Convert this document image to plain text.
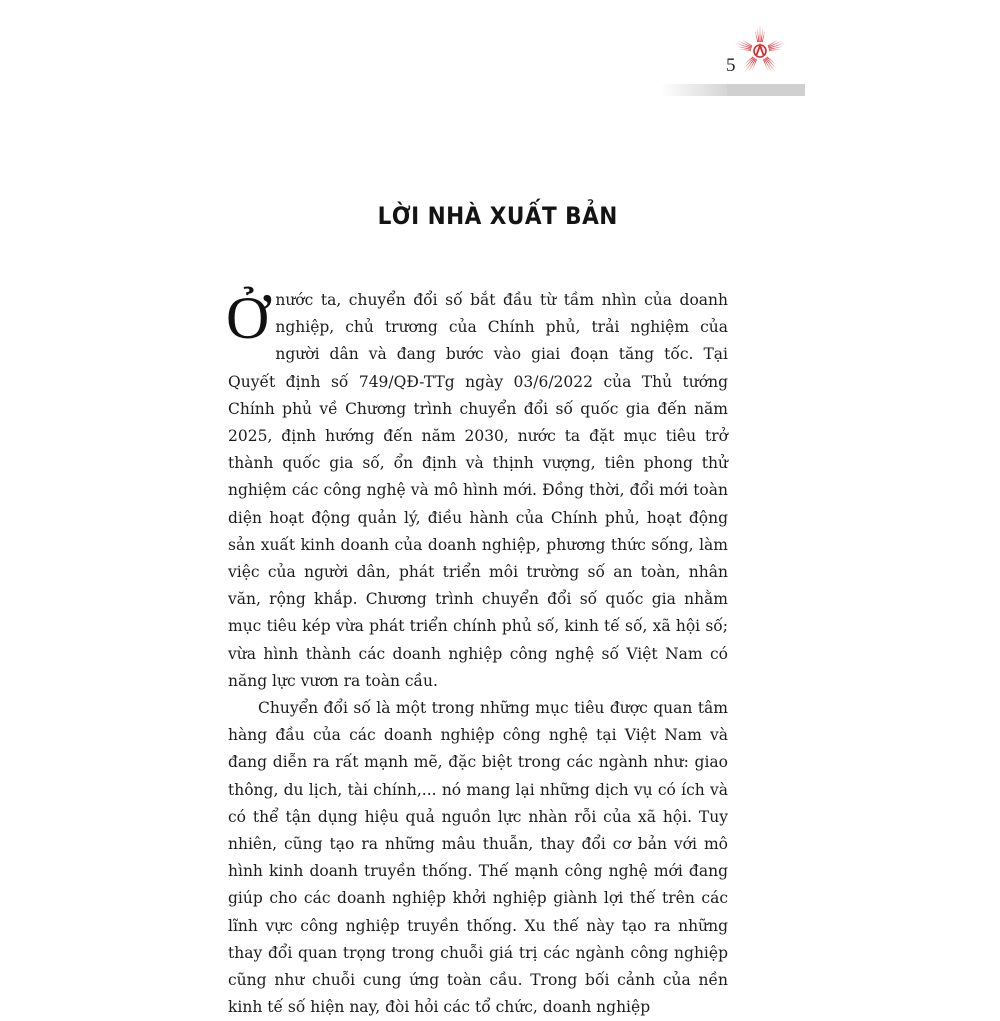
5
LỜI NHÀ XUẤT BẢN

Ởnước ta, chuyển đổi số bắt đầu từ tầm nhìn của doanh nghiệp, chủ trương của Chính phủ, trải nghiệm của người dân và đang bước vào giai đoạn tăng tốc. Tại Quyết định số 749/QĐ-TTg ngày 03/6/2022 của Thủ tướng Chính phủ về Chương trình chuyển đổi số quốc gia đến năm 2025, định hướng đến năm 2030, nước ta đặt mục tiêu trở thành quốc gia số, ổn định và thịnh vượng, tiên phong thử nghiệm các công nghệ và mô hình mới. Đồng thời, đổi mới toàn diện hoạt động quản lý, điều hành của Chính phủ, hoạt động sản xuất kinh doanh của doanh nghiệp, phương thức sống, làm việc của người dân, phát triển môi trường số an toàn, nhân văn, rộng khắp. Chương trình chuyển đổi số quốc gia nhằm mục tiêu kép vừa phát triển chính phủ số, kinh tế số, xã hội số; vừa hình thành các doanh nghiệp công nghệ số Việt Nam có năng lực vươn ra toàn cầu.

Chuyển đổi số là một trong những mục tiêu được quan tâm hàng đầu của các doanh nghiệp công nghệ tại Việt Nam và đang diễn ra rất mạnh mẽ, đặc biệt trong các ngành như: giao thông, du lịch, tài chính,... nó mang lại những dịch vụ có ích và có thể tận dụng hiệu quả nguồn lực nhàn rỗi của xã hội. Tuy nhiên, cũng tạo ra những mâu thuẫn, thay đổi cơ bản với mô hình kinh doanh truyền thống. Thế mạnh công nghệ mới đang giúp cho các doanh nghiệp khởi nghiệp giành lợi thế trên các lĩnh vực công nghiệp truyền thống. Xu thế này tạo ra những thay đổi quan trọng trong chuỗi giá trị các ngành công nghiệp cũng như chuỗi cung ứng toàn cầu. Trong bối cảnh của nền kinh tế số hiện nay, đòi hỏi các tổ chức, doanh nghiệp
